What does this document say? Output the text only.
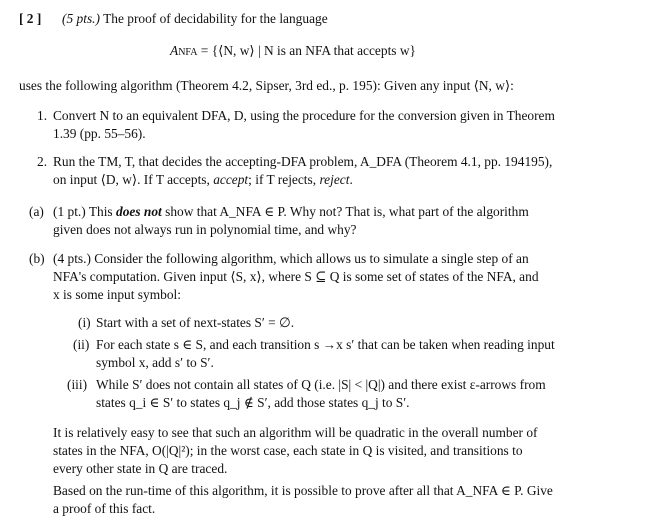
[ 2 ] (5 pts.) The proof of decidability for the language
ANFA = {⟨N, w⟩ | N is an NFA that accepts w}
uses the following algorithm (Theorem 4.2, Sipser, 3rd ed., p. 195): Given any input ⟨N, w⟩:
1. Convert N to an equivalent DFA, D, using the procedure for the conversion given in Theorem
1.39 (pp. 55–56).
2. Run the TM, T, that decides the accepting-DFA problem, A_DFA (Theorem 4.1, pp. 194195),
on input ⟨D, w⟩. If T accepts, accept; if T rejects, reject.
(a) (1 pt.) This does not show that A_NFA ∈ P. Why not? That is, what part of the algorithm
given does not always run in polynomial time, and why?
(b) (4 pts.) Consider the following algorithm, which allows us to simulate a single step of an
NFA's computation. Given input ⟨S, x⟩, where S ⊆ Q is some set of states of the NFA, and
x is some input symbol:
(i) Start with a set of next-states S′ = ∅.
(ii) For each state s ∈ S, and each transition s →x s′ that can be taken when reading input
symbol x, add s′ to S′.
(iii) While S′ does not contain all states of Q (i.e. |S| < |Q|) and there exist ε-arrows from
states q_i ∈ S′ to states q_j ∉ S′, add those states q_j to S′.
It is relatively easy to see that such an algorithm will be quadratic in the overall number of
states in the NFA, O(|Q|²); in the worst case, each state in Q is visited, and transitions to
every other state in Q are traced.
Based on the run-time of this algorithm, it is possible to prove after all that A_NFA ∈ P. Give
a proof of this fact.
